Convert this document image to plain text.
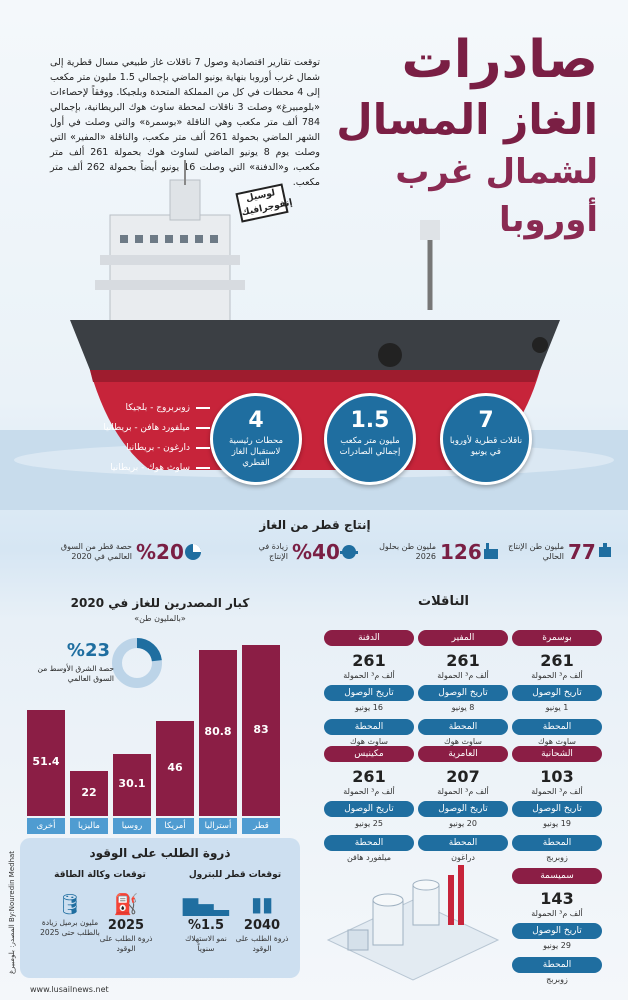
صادرات
الغاز المسال
لشمال غرب أوروبا
توقعت تقارير اقتصادية وصول 7 ناقلات غاز طبيعي مسال قطرية إلى شمال غرب أوروبا بنهاية يونيو الماضي بإجمالي 1.5 مليون متر مكعب إلى 4 محطات في كل من المملكة المتحدة وبلجيكا. ووفقاً لإحصاءات «بلومبيرغ» وصلت 3 ناقلات لمحطة ساوث هوك البريطانية، بإجمالي 784 ألف متر مكعب وهي الناقلة «بوسمرة» والتي وصلت في أول الشهر الماضي بحمولة 261 ألف متر مكعب، والناقلة «المفير» التي وصلت يوم 8 يونيو الماضي لساوث هوك بحمولة 261 ألف متر مكعب، و«الدفنة» التي وصلت 16 يونيو أيضاً بحمولة 262 ألف متر مكعب.
لوسيل إنفوجرافيك
7
ناقلات قطرية لأوروبا في يونيو
1.5
مليون متر مكعب إجمالي الصادرات
4
محطات رئيسية لاستقبال الغاز القطري
زوبربروج - بلجيكا
ميلفورد هافن - بريطانيا
دارغون - بريطانيا
ساوث هوك - بريطانيا
إنتاج قطر من الغاز
77
مليون طن الإنتاج الحالي
126
مليون طن بحلول 2026
%40
زيادة في الإنتاج
%20
حصة قطر من السوق العالمي في 2020
كبار المصدرين للغاز في 2020
«بالمليون طن»
%23
حصة الشرق الأوسط من السوق العالمي
83
قطر
80.8
أستراليا
46
أمريكا
30.1
روسيا
22
ماليزيا
51.4
أخرى
الناقلات
بوسمرة
261
ألف م³ الحمولة
تاريخ الوصول
1 يونيو
المحطة
ساوث هوك
المفير
261
ألف م³ الحمولة
تاريخ الوصول
8 يونيو
المحطة
ساوث هوك
الدفنة
261
ألف م³ الحمولة
تاريخ الوصول
16 يونيو
المحطة
ساوث هوك
الشحانية
103
ألف م³ الحمولة
تاريخ الوصول
19 يونيو
المحطة
زوبربج
العامرية
207
ألف م³ الحمولة
تاريخ الوصول
20 يونيو
المحطة
دراغون
مكينيس
261
ألف م³ الحمولة
تاريخ الوصول
25 يونيو
المحطة
ميلفورد هافن
سميسمة
143
ألف م³ الحمولة
تاريخ الوصول
29 يونيو
المحطة
زوبربج
ذروة الطلب على الوقود
توقعات قطر للبترول
توقعات وكالة الطاقة
▮▮
2040
ذروة الطلب على الوقود
▂▄▆
%1.5
نمو الاستهلاك سنوياً
⛽
2025
ذروة الطلب على الوقود
🛢
مليون برميل زيادة بالطلب حتى 2025
www.lusailnews.net
المصدر: بلومبيرغ By:Nouredin Medhat
